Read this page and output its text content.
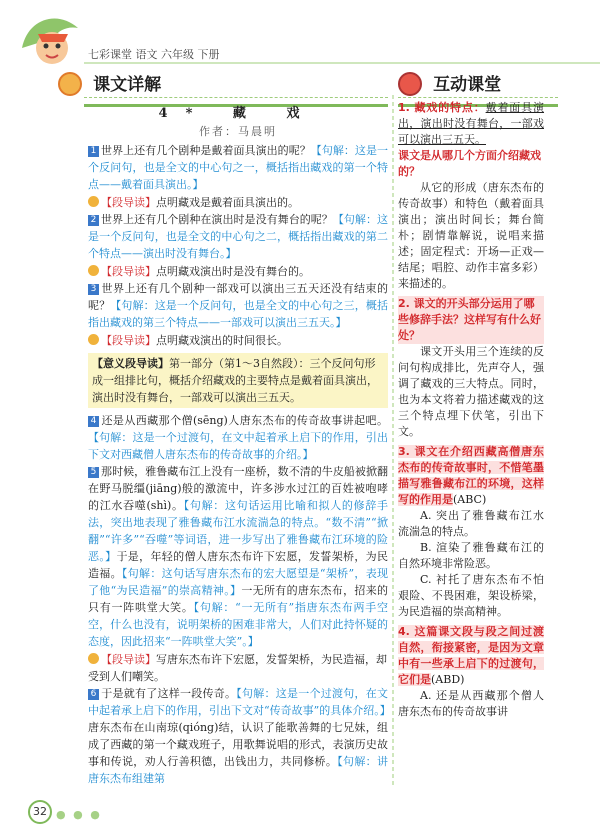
七彩课堂 语文 六年级 下册
课文详解	互动课堂
4* 藏 戏
作者：马晨明

1 世界上还有几个剧种是戴着面具演出的呢？【句解：这是一个反问句，也是全文的中心句之一，概括指出藏戏的第一个特点——戴着面具演出。】

【段导读】点明藏戏是戴着面具演出的。

2 世界上还有几个剧种在演出时是没有舞台的呢？【句解：这是一个反问句，也是全文的中心句之二，概括指出藏戏的第二个特点——演出时没有舞台。】

【段导读】点明藏戏演出时是没有舞台的。

3 世界上还有几个剧种一部戏可以演出三五天还没有结束的呢？【句解：这是一个反问句，也是全文的中心句之三，概括指出藏戏的第三个特点——一部戏可以演出三五天。】

【段导读】点明藏戏演出的时间很长。

【意义段导读】第一部分（第1～3自然段）：三个反问句形成一组排比句，概括介绍藏戏的主要特点是戴着面具演出，演出时没有舞台，一部戏可以演出三五天。

4 还是从西藏那个僧(sēng)人唐东杰布的传奇故事讲起吧。【句解：这是一个过渡句，在文中起着承上启下的作用，引出下文对西藏僧人唐东杰布的传奇故事的介绍。】

5 那时候，雅鲁藏布江上没有一座桥，数不清的牛皮船被掀翻在野马脱缰(jiāng)般的激流中，许多涉水过江的百姓被咆哮的江水吞噬(shì)。【句解：这句话运用比喻和拟人的修辞手法，突出地表现了雅鲁藏布江水流湍急的特点。“数不清”“掀翻”“许多”“吞噬”等词语，进一步写出了雅鲁藏布江环境的险恶。】于是，年轻的僧人唐东杰布许下宏愿，发誓架桥，为民造福。【句解：这句话写唐东杰布的宏大愿望是“架桥”，表现了他“为民造福”的崇高精神。】一无所有的唐东杰布，招来的只有一阵哄堂大笑。【句解：“一无所有”指唐东杰布两手空空，什么也没有，说明架桥的困难非常大，人们对此持怀疑的态度，因此招来“一阵哄堂大笑”。】

【段导读】写唐东杰布许下宏愿，发誓架桥，为民造福，却受到人们嘲笑。

6 于是就有了这样一段传奇。【句解：这是一个过渡句，在文中起着承上启下的作用，引出下文对“传奇故事”的具体介绍。】唐东杰布在山南琼(qióng)结，认识了能歌善舞的七兄妹，组成了西藏的第一个藏戏班子，用歌舞说唱的形式，表演历史故事和传说，劝人行善积德，出钱出力，共同修桥。【句解：讲唐东杰布组建第

1. 藏戏的特点：戴着面具演出，演出时没有舞台，一部戏可以演出三五天。
课文是从哪几个方面介绍藏戏的？
从它的形成（唐东杰布的传奇故事）和特色（戴着面具演出；演出时间长；舞台简朴；剧情靠解说，说唱来描述；固定程式：开场—正戏—结尾；唱腔、动作丰富多彩）来描述的。
2. 课文的开头部分运用了哪些修辞手法？这样写有什么好处？
课文开头用三个连续的反问句构成排比，先声夺人，强调了藏戏的三大特点。同时，也为本文将着力描述藏戏的这三个特点埋下伏笔，引出下文。
3. 课文在介绍西藏高僧唐东杰布的传奇故事时，不惜笔墨描写雅鲁藏布江的环境，这样写的作用是(ABC)
A. 突出了雅鲁藏布江水流湍急的特点。
B. 渲染了雅鲁藏布江的自然环境非常险恶。
C. 衬托了唐东杰布不怕艰险、不畏困难，架设桥梁，为民造福的崇高精神。
4. 这篇课文段与段之间过渡自然，衔接紧密，是因为文章中有一些承上启下的过渡句，它们是(ABD)
A. 还是从西藏那个僧人唐东杰布的传奇故事讲
32 ● ● ●
